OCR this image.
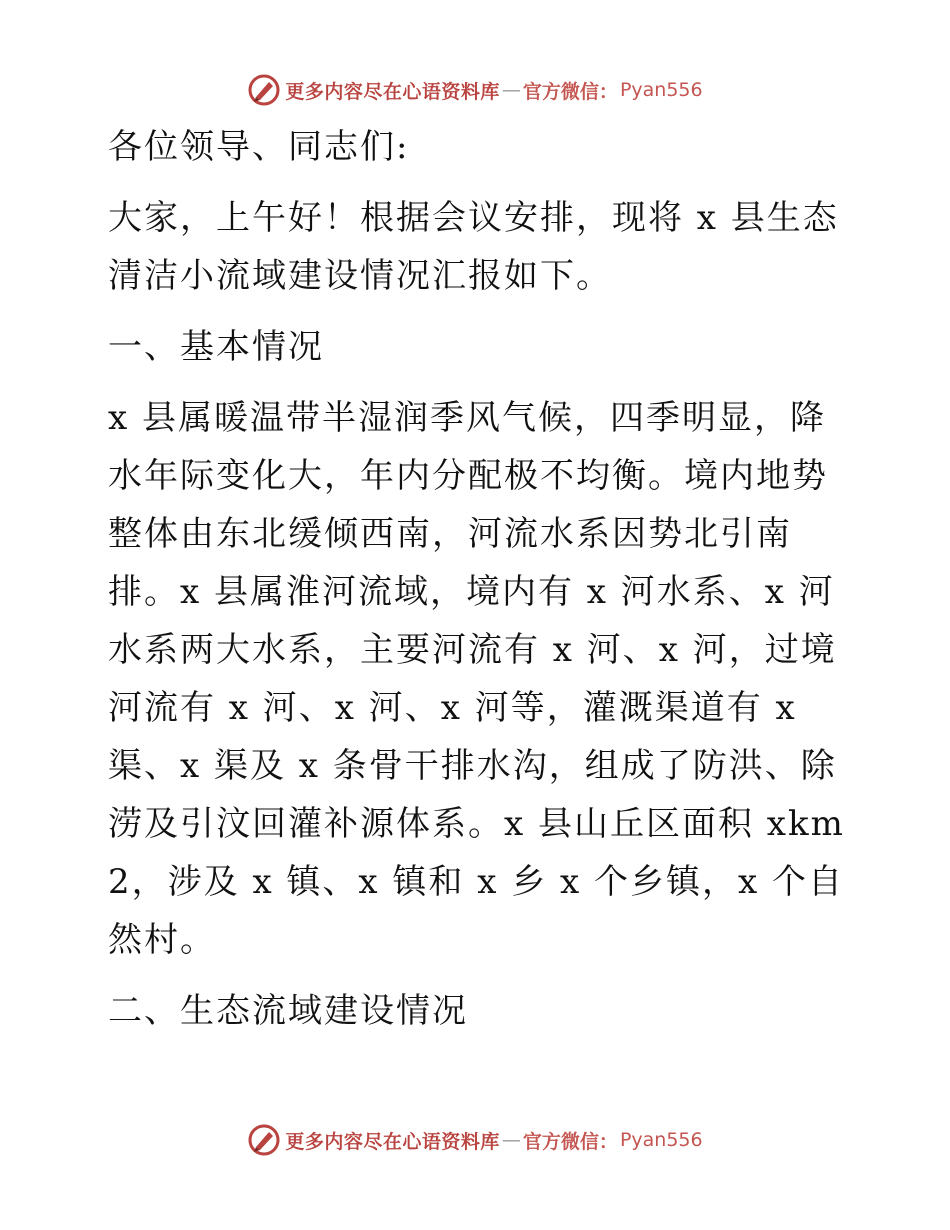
更多内容尽在心语资料库 — 官方微信： Pyan556

各位领导、同志们:

大家，上午好！根据会议安排，现将 x 县生态清洁小流域建设情况汇报如下。

一、基本情况

x 县属暖温带半湿润季风气候，四季明显，降水年际变化大，年内分配极不均衡。境内地势整体由东北缓倾西南，河流水系因势北引南排。x 县属淮河流域，境内有 x 河水系、x 河水系两大水系，主要河流有 x 河、x 河，过境河流有 x 河、x 河、x 河等，灌溉渠道有 x 渠、x 渠及 x 条骨干排水沟，组成了防洪、除涝及引汶回灌补源体系。x 县山丘区面积 xkm2，涉及 x 镇、x 镇和 x 乡 x 个乡镇，x 个自然村。

二、生态流域建设情况

更多内容尽在心语资料库 — 官方微信： Pyan556
